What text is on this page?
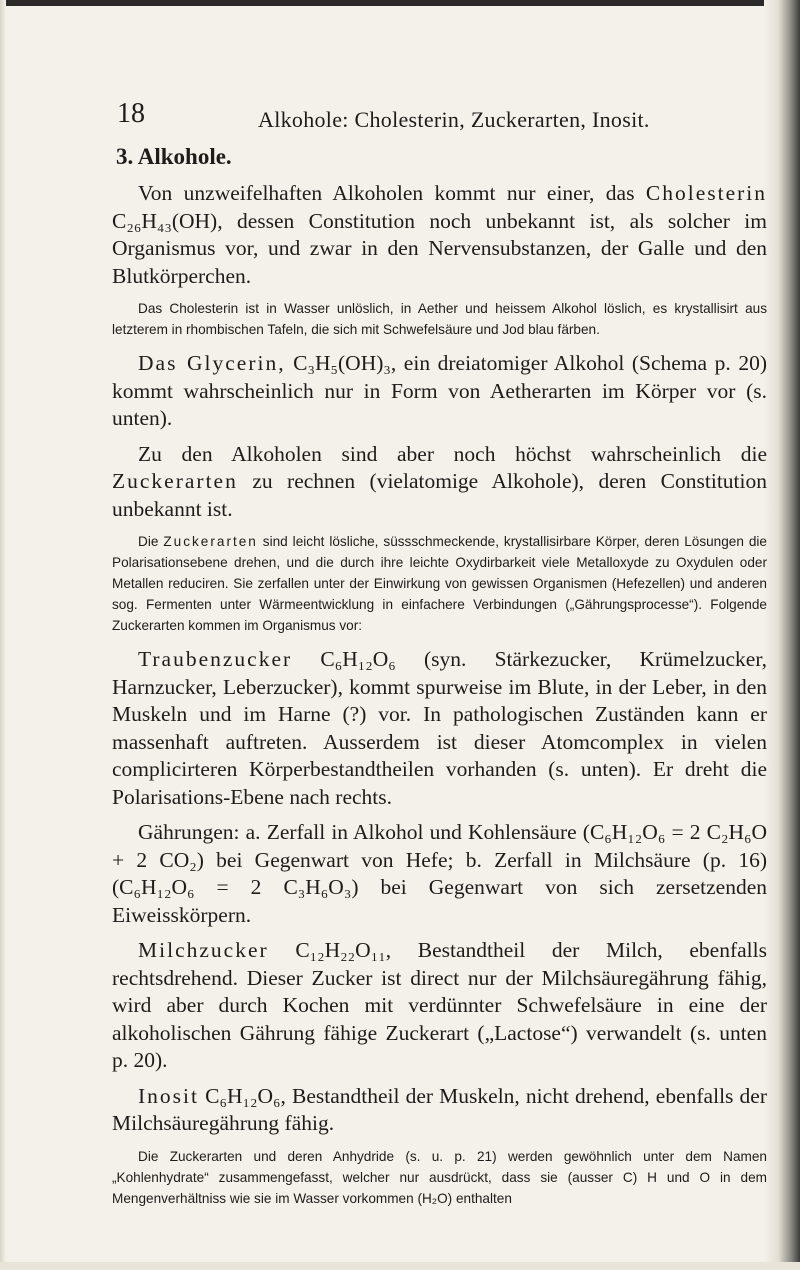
18	Alkohole: Cholesterin, Zuckerarten, Inosit.
3. Alkohole.

Von unzweifelhaften Alkoholen kommt nur einer, das Cholesterin C₂₆H₄₃(OH), dessen Constitution noch unbekannt ist, als solcher im Organismus vor, und zwar in den Nervensubstanzen, der Galle und den Blutkörperchen.

Das Cholesterin ist in Wasser unlöslich, in Aether und heissem Alkohol löslich, es krystallisirt aus letzterem in rhombischen Tafeln, die sich mit Schwefelsäure und Jod blau färben.

Das Glycerin, C₃H₅(OH)₃, ein dreiatomiger Alkohol (Schema p. 20) kommt wahrscheinlich nur in Form von Aetherarten im Körper vor (s. unten).

Zu den Alkoholen sind aber noch höchst wahrscheinlich die Zuckerarten zu rechnen (vielatomige Alkohole), deren Constitution unbekannt ist.

Die Zuckerarten sind leicht lösliche, süssschmeckende, krystallisirbare Körper, deren Lösungen die Polarisationsebene drehen, und die durch ihre leichte Oxydirbarkeit viele Metalloxyde zu Oxydulen oder Metallen reduciren. Sie zerfallen unter der Einwirkung von gewissen Organismen (Hefezellen) und anderen sog. Fermenten unter Wärmeentwicklung in einfachere Verbindungen („Gährungsprocesse“). Folgende Zuckerarten kommen im Organismus vor:

Traubenzucker C₆H₁₂O₆ (syn. Stärkezucker, Krümelzucker, Harnzucker, Leberzucker), kommt spurweise im Blute, in der Leber, in den Muskeln und im Harne (?) vor. In pathologischen Zuständen kann er massenhaft auftreten. Ausserdem ist dieser Atomcomplex in vielen complicirteren Körperbestandtheilen vorhanden (s. unten). Er dreht die Polarisations-Ebene nach rechts.

Gährungen: a. Zerfall in Alkohol und Kohlensäure (C₆H₁₂O₆ = 2 C₂H₆O + 2 CO₂) bei Gegenwart von Hefe; b. Zerfall in Milchsäure (p. 16) (C₆H₁₂O₆ = 2 C₃H₆O₃) bei Gegenwart von sich zersetzenden Eiweisskörpern.

Milchzucker C₁₂H₂₂O₁₁, Bestandtheil der Milch, ebenfalls rechtsdrehend. Dieser Zucker ist direct nur der Milchsäuregährung fähig, wird aber durch Kochen mit verdünnter Schwefelsäure in eine der alkoholischen Gährung fähige Zuckerart („Lactose“) verwandelt (s. unten p. 20).

Inosit C₆H₁₂O₆, Bestandtheil der Muskeln, nicht drehend, ebenfalls der Milchsäuregährung fähig.

Die Zuckerarten und deren Anhydride (s. u. p. 21) werden gewöhnlich unter dem Namen „Kohlenhydrate“ zusammengefasst, welcher nur ausdrückt, dass sie (ausser C) H und O in dem Mengenverhältniss wie sie im Wasser vorkommen (H₂O) enthalten
